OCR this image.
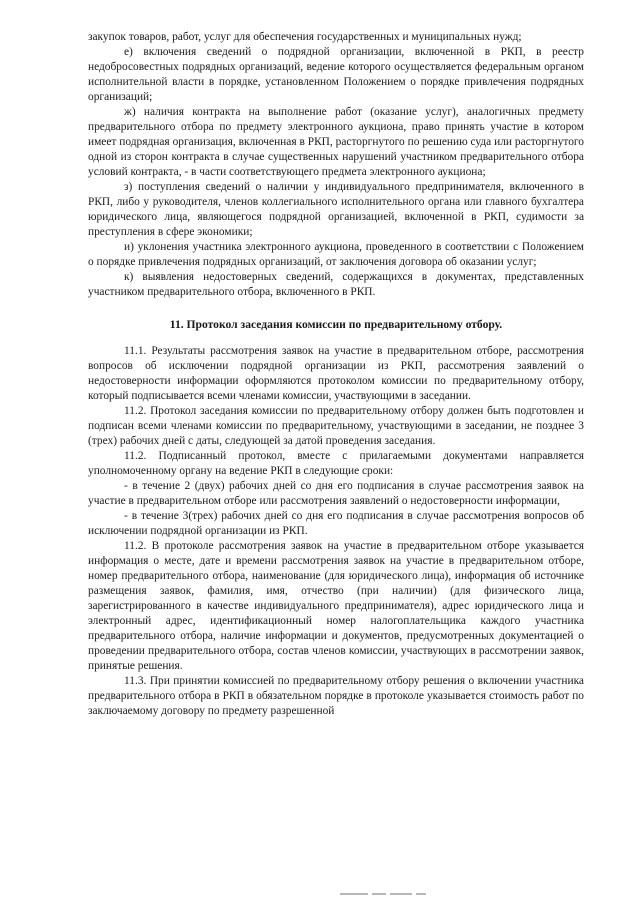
закупок товаров, работ, услуг для обеспечения государственных и муниципальных нужд;

е) включения сведений о подрядной организации, включенной в РКП, в реестр недобросовестных подрядных организаций, ведение которого осуществляется федеральным органом исполнительной власти в порядке, установленном Положением о порядке привлечения подрядных организаций;

ж) наличия контракта на выполнение работ (оказание услуг), аналогичных предмету предварительного отбора по предмету электронного аукциона, право принять участие в котором имеет подрядная организация, включенная в РКП, расторгнутого по решению суда или расторгнутого одной из сторон контракта в случае существенных нарушений участником предварительного отбора условий контракта, - в части соответствующего предмета электронного аукциона;

з) поступления сведений о наличии у индивидуального предпринимателя, включенного в РКП, либо у руководителя, членов коллегиального исполнительного органа или главного бухгалтера юридического лица, являющегося подрядной организацией, включенной в РКП, судимости за преступления в сфере экономики;

и) уклонения участника электронного аукциона, проведенного в соответствии с Положением о порядке привлечения подрядных организаций, от заключения договора об оказании услуг;

к) выявления недостоверных сведений, содержащихся в документах, представленных участником предварительного отбора, включенного в РКП.

11. Протокол заседания комиссии по предварительному отбору.

11.1. Результаты рассмотрения заявок на участие в предварительном отборе, рассмотрения вопросов об исключении подрядной организации из РКП, рассмотрения заявлений о недостоверности информации оформляются протоколом комиссии по предварительному отбору, который подписывается всеми членами комиссии, участвующими в заседании.

11.2. Протокол заседания комиссии по предварительному отбору должен быть подготовлен и подписан всеми членами комиссии по предварительному, участвующими в заседании, не позднее 3 (трех) рабочих дней с даты, следующей за датой проведения заседания.

11.2. Подписанный протокол, вместе с прилагаемыми документами направляется уполномоченному органу на ведение РКП в следующие сроки:

- в течение 2 (двух) рабочих дней со дня его подписания в случае рассмотрения заявок на участие в предварительном отборе или рассмотрения заявлений о недостоверности информации,

- в течение 3(трех) рабочих дней со дня его подписания в случае рассмотрения вопросов об исключении подрядной организации из РКП.

11.2. В протоколе рассмотрения заявок на участие в предварительном отборе указывается информация о месте, дате и времени рассмотрения заявок на участие в предварительном отборе, номер предварительного отбора, наименование (для юридического лица), информация об источнике размещения заявок, фамилия, имя, отчество (при наличии) (для физического лица, зарегистрированного в качестве индивидуального предпринимателя), адрес юридического лица и электронный адрес, идентификационный номер налогоплательщика каждого участника предварительного отбора, наличие информации и документов, предусмотренных документацией о проведении предварительного отбора, состав членов комиссии, участвующих в рассмотрении заявок, принятые решения.

11.3. При принятии комиссией по предварительному отбору решения о включении участника предварительного отбора в РКП в обязательном порядке в протоколе указывается стоимость работ по заключаемому договору по предмету разрешенной
